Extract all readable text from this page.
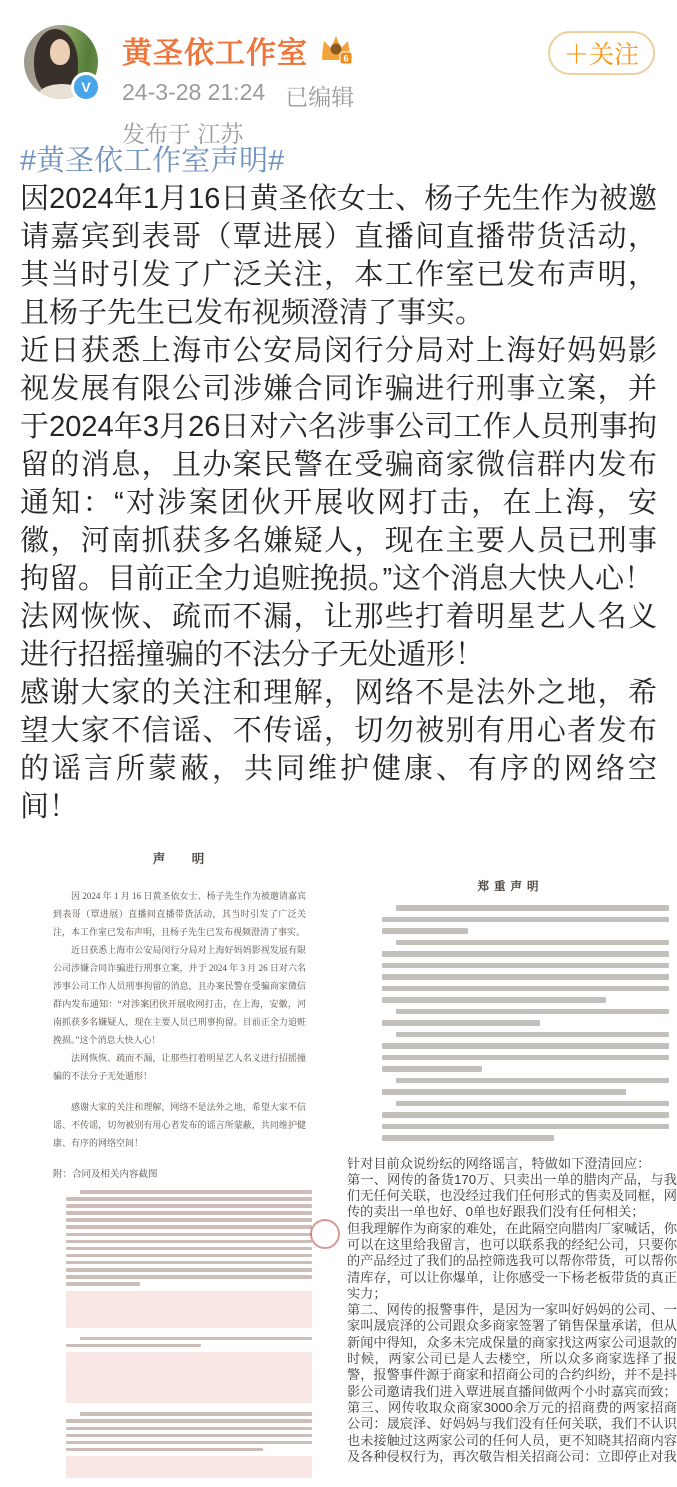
V
黄圣依工作室	6
24-3-28 21:24 已编辑
发布于 江苏
＋关注
#黄圣依工作室声明#

因2024年1月16日黄圣依女士、杨子先生作为被邀请嘉宾到表哥（覃进展）直播间直播带货活动，其当时引发了广泛关注，本工作室已发布声明，且杨子先生已发布视频澄清了事实。

近日获悉上海市公安局闵行分局对上海好妈妈影视发展有限公司涉嫌合同诈骗进行刑事立案，并于2024年3月26日对六名涉事公司工作人员刑事拘留的消息，且办案民警在受骗商家微信群内发布通知：“对涉案团伙开展收网打击，在上海，安徽，河南抓获多名嫌疑人，现在主要人员已刑事拘留。目前正全力追赃挽损。”这个消息大快人心！

法网恢恢、疏而不漏，让那些打着明星艺人名义进行招摇撞骗的不法分子无处遁形！

感谢大家的关注和理解，网络不是法外之地，希望大家不信谣、不传谣，切勿被别有用心者发布的谣言所蒙蔽，共同维护健康、有序的网络空间！

声　明

因 2024 年 1 月 16 日黄圣依女士、杨子先生作为被邀请嘉宾到表哥（覃进展）直播间直播带货活动，其当时引发了广泛关注，本工作室已发布声明，且杨子先生已发布视频澄清了事实。

近日获悉上海市公安局闵行分局对上海好妈妈影视发展有限公司涉嫌合同诈骗进行刑事立案，并于 2024 年 3 月 26 日对六名涉事公司工作人员刑事拘留的消息，且办案民警在受骗商家微信群内发布通知：“对涉案团伙开展收网打击，在上海，安徽，河南抓获多名嫌疑人，现在主要人员已刑事拘留。目前正全力追赃挽损。”这个消息大快人心！

法网恢恢、疏而不漏，让那些打着明星艺人名义进行招摇撞骗的不法分子无处遁形！

感谢大家的关注和理解，网络不是法外之地，希望大家不信谣、不传谣，切勿被别有用心者发布的谣言所蒙蔽，共同维护健康、有序的网络空间！

附：合同及相关内容截图
郑重声明

针对目前众说纷纭的网络谣言，特做如下澄清回应：

第一、网传的备货170万、只卖出一单的腊肉产品，与我们无任何关联，也没经过我们任何形式的售卖及同框，网传的卖出一单也好、0单也好跟我们没有任何相关；

但我理解作为商家的难处，在此隔空向腊肉厂家喊话，你可以在这里给我留言，也可以联系我的经纪公司，只要你的产品经过了我们的品控筛选我可以帮你带货，可以帮你清库存，可以让你爆单，让你感受一下杨老板带货的真正实力；

第二、网传的报警事件，是因为一家叫好妈妈的公司、一家叫晟宸泽的公司跟众多商家签署了销售保量承诺，但从新闻中得知，众多未完成保量的商家找这两家公司退款的时候，两家公司已是人去楼空，所以众多商家选择了报警，报警事件源于商家和招商公司的合约纠纷，并不是抖影公司邀请我们进入覃进展直播间做两个小时嘉宾而致；

第三、网传收取众商家3000余万元的招商费的两家招商公司：晟宸泽、好妈妈与我们没有任何关联，我们不认识也未接触过这两家公司的任何人员，更不知晓其招商内容及各种侵权行为，再次敬告相关招商公司：立即停止对我
